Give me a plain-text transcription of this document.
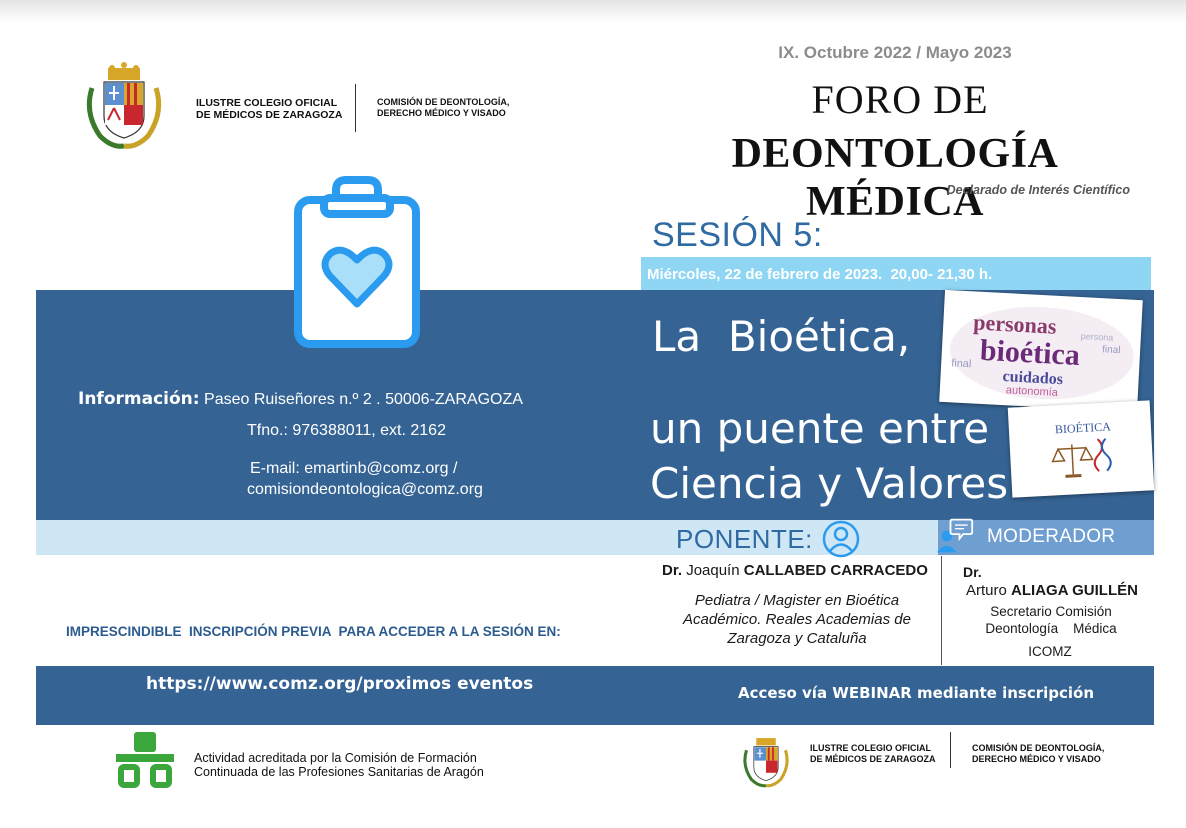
ILUSTRE COLEGIO OFICIAL
DE MÉDICOS DE ZARAGOZA
COMISIÓN DE DEONTOLOGÍA,
DERECHO MÉDICO Y VISADO
IX. Octubre 2022 / Mayo 2023
FORO DE
DEONTOLOGÍA MÉDICA
Declarado de Interés Científico
SESIÓN 5:
Miércoles, 22 de febrero de 2023.  20,00- 21,30 h.
Información: Paseo Ruiseñores n.º 2 . 50006-ZARAGOZA
Tfno.: 976388011, ext. 2162
E-mail: emartinb@comz.org /
comisiondeontologica@comz.org
La  Bioética,
un puente entre
Ciencia y Valores
personas
bioética
cuidados
final
autonomía
final
persona
BIOÉTICA
PONENTE:	MODERADOR
Dr. Joaquín CALLABED CARRACEDO
Pediatra / Magister en Bioética
Académico. Reales Academias de
Zaragoza y Cataluña
Dr.
Arturo ALIAGA GUILLÉN
Secretario Comisión
Deontología    Médica
ICOMZ
IMPRESCINDIBLE  INSCRIPCIÓN PREVIA  PARA ACCEDER A LA SESIÓN EN:
https://www.comz.org/proximos eventos	Acceso vía WEBINAR mediante inscripción
Actividad acreditada por la Comisión de Formación
Continuada de las Profesiones Sanitarias de Aragón
ILUSTRE COLEGIO OFICIAL
DE MÉDICOS DE ZARAGOZA
COMISIÓN DE DEONTOLOGÍA,
DERECHO MÉDICO Y VISADO
